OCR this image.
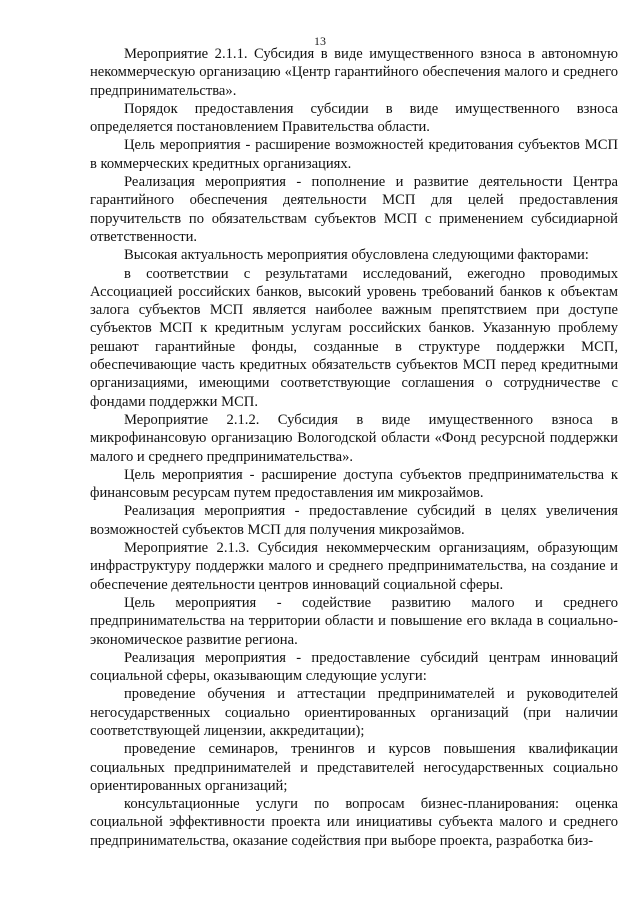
13

Мероприятие 2.1.1. Субсидия в виде имущественного взноса в автономную некоммерческую организацию «Центр гарантийного обеспечения малого и среднего предпринимательства».

Порядок предоставления субсидии в виде имущественного взноса определяется постановлением Правительства области.

Цель мероприятия - расширение возможностей кредитования субъектов МСП в коммерческих кредитных организациях.

Реализация мероприятия - пополнение и развитие деятельности Центра гарантийного обеспечения деятельности МСП для целей предоставления поручительств по обязательствам субъектов МСП с применением субсидиарной ответственности.

Высокая актуальность мероприятия обусловлена следующими факторами:

в соответствии с результатами исследований, ежегодно проводимых Ассоциацией российских банков, высокий уровень требований банков к объектам залога субъектов МСП является наиболее важным препятствием при доступе субъектов МСП к кредитным услугам российских банков. Указанную проблему решают гарантийные фонды, созданные в структуре поддержки МСП, обеспечивающие часть кредитных обязательств субъектов МСП перед кредитными организациями, имеющими соответствующие соглашения о сотрудничестве с фондами поддержки МСП.

Мероприятие 2.1.2. Субсидия в виде имущественного взноса в микрофинансовую организацию Вологодской области «Фонд ресурсной поддержки малого и среднего предпринимательства».

Цель мероприятия - расширение доступа субъектов предпринимательства к финансовым ресурсам путем предоставления им микрозаймов.

Реализация мероприятия - предоставление субсидий в целях увеличения возможностей субъектов МСП для получения микрозаймов.

Мероприятие 2.1.3. Субсидия некоммерческим организациям, образующим инфраструктуру поддержки малого и среднего предпринимательства, на создание и обеспечение деятельности центров инноваций социальной сферы.

Цель мероприятия - содействие развитию малого и среднего предпринимательства на территории области и повышение его вклада в социально-экономическое развитие региона.

Реализация мероприятия - предоставление субсидий центрам инноваций социальной сферы, оказывающим следующие услуги:

проведение обучения и аттестации предпринимателей и руководителей негосударственных социально ориентированных организаций (при наличии соответствующей лицензии, аккредитации);

проведение семинаров, тренингов и курсов повышения квалификации социальных предпринимателей и представителей негосударственных социально ориентированных организаций;

консультационные услуги по вопросам бизнес-планирования: оценка социальной эффективности проекта или инициативы субъекта малого и среднего предпринимательства, оказание содействия при выборе проекта, разработка биз-
